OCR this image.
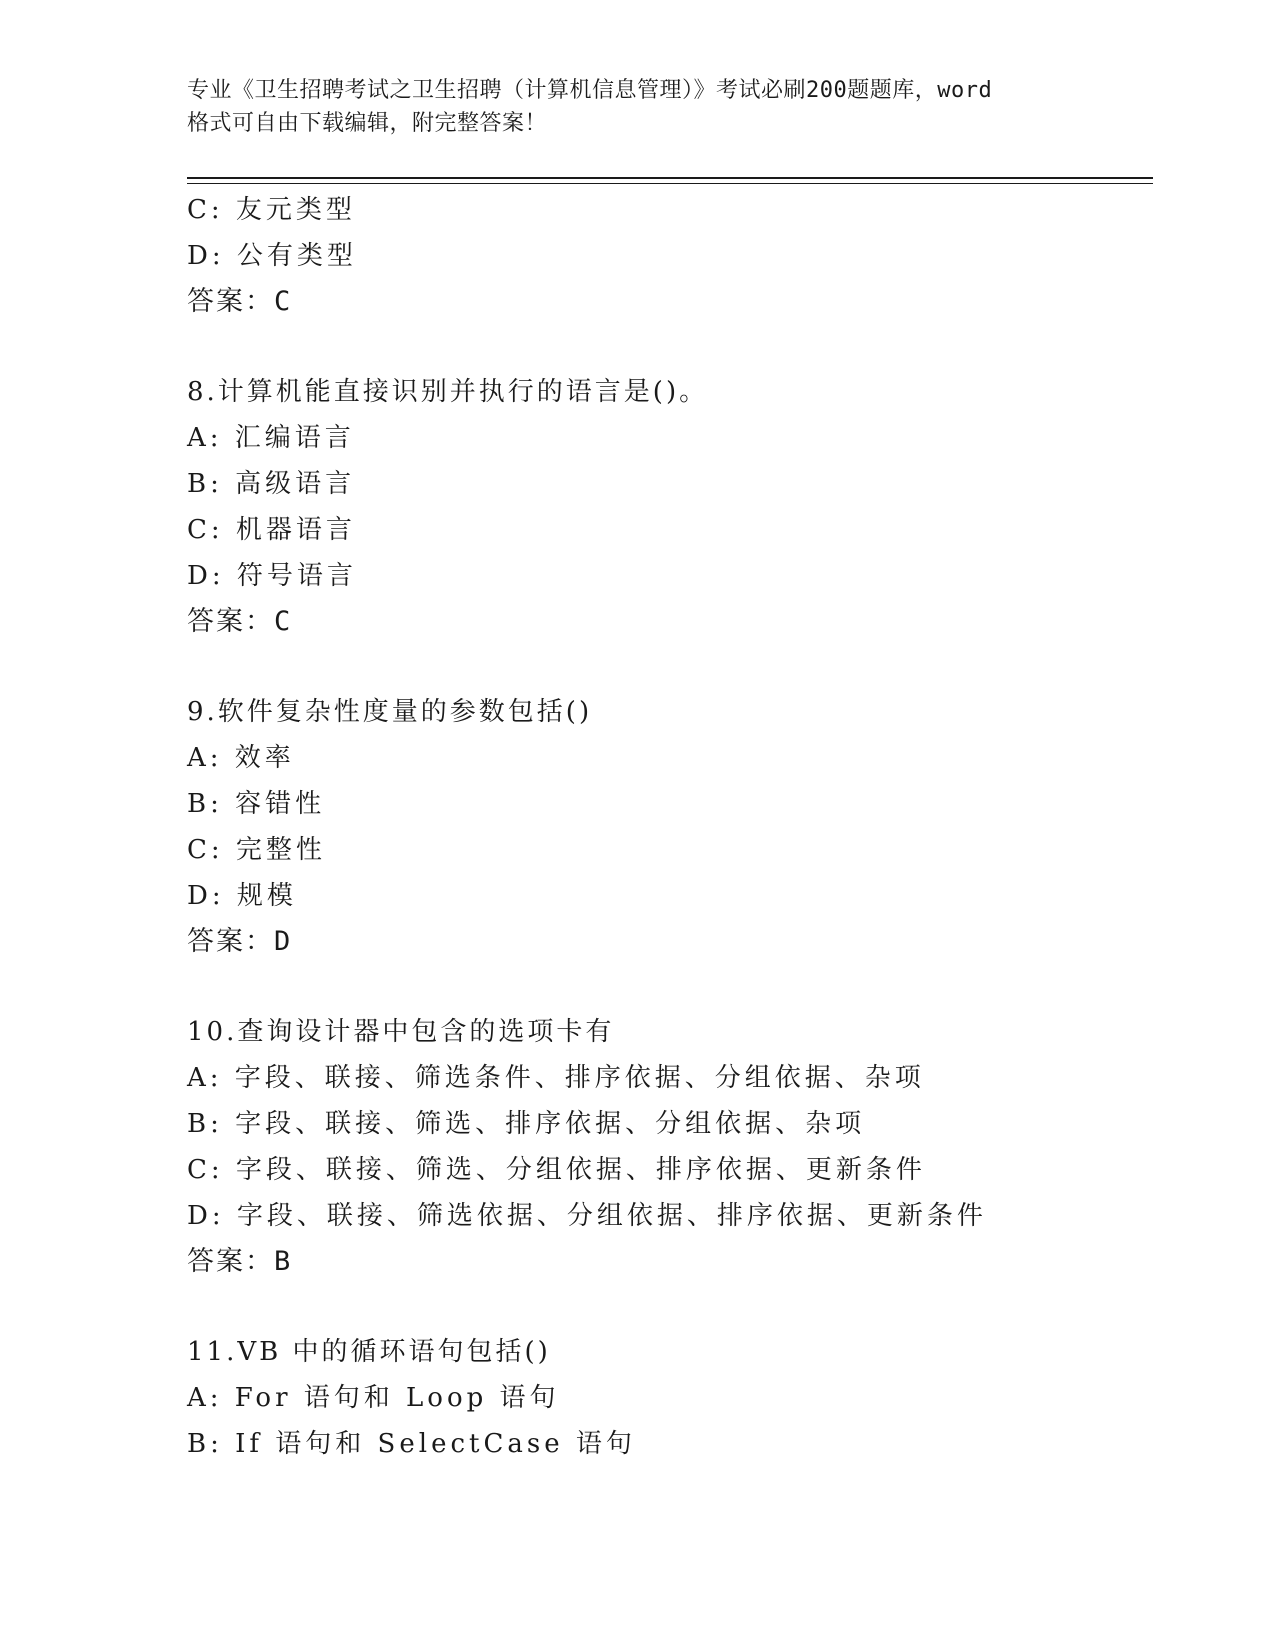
专业《卫生招聘考试之卫生招聘（计算机信息管理）》考试必刷200题题库，word
格式可自由下载编辑，附完整答案！
C: 友元类型
D: 公有类型
答案：C
8.计算机能直接识别并执行的语言是()。
A: 汇编语言
B: 高级语言
C: 机器语言
D: 符号语言
答案：C
9.软件复杂性度量的参数包括()
A: 效率
B: 容错性
C: 完整性
D: 规模
答案：D
10.查询设计器中包含的选项卡有
A: 字段、联接、筛选条件、排序依据、分组依据、杂项
B: 字段、联接、筛选、排序依据、分组依据、杂项
C: 字段、联接、筛选、分组依据、排序依据、更新条件
D: 字段、联接、筛选依据、分组依据、排序依据、更新条件
答案：B
11.VB 中的循环语句包括()
A: For 语句和 Loop 语句
B: If 语句和 SelectCase 语句
